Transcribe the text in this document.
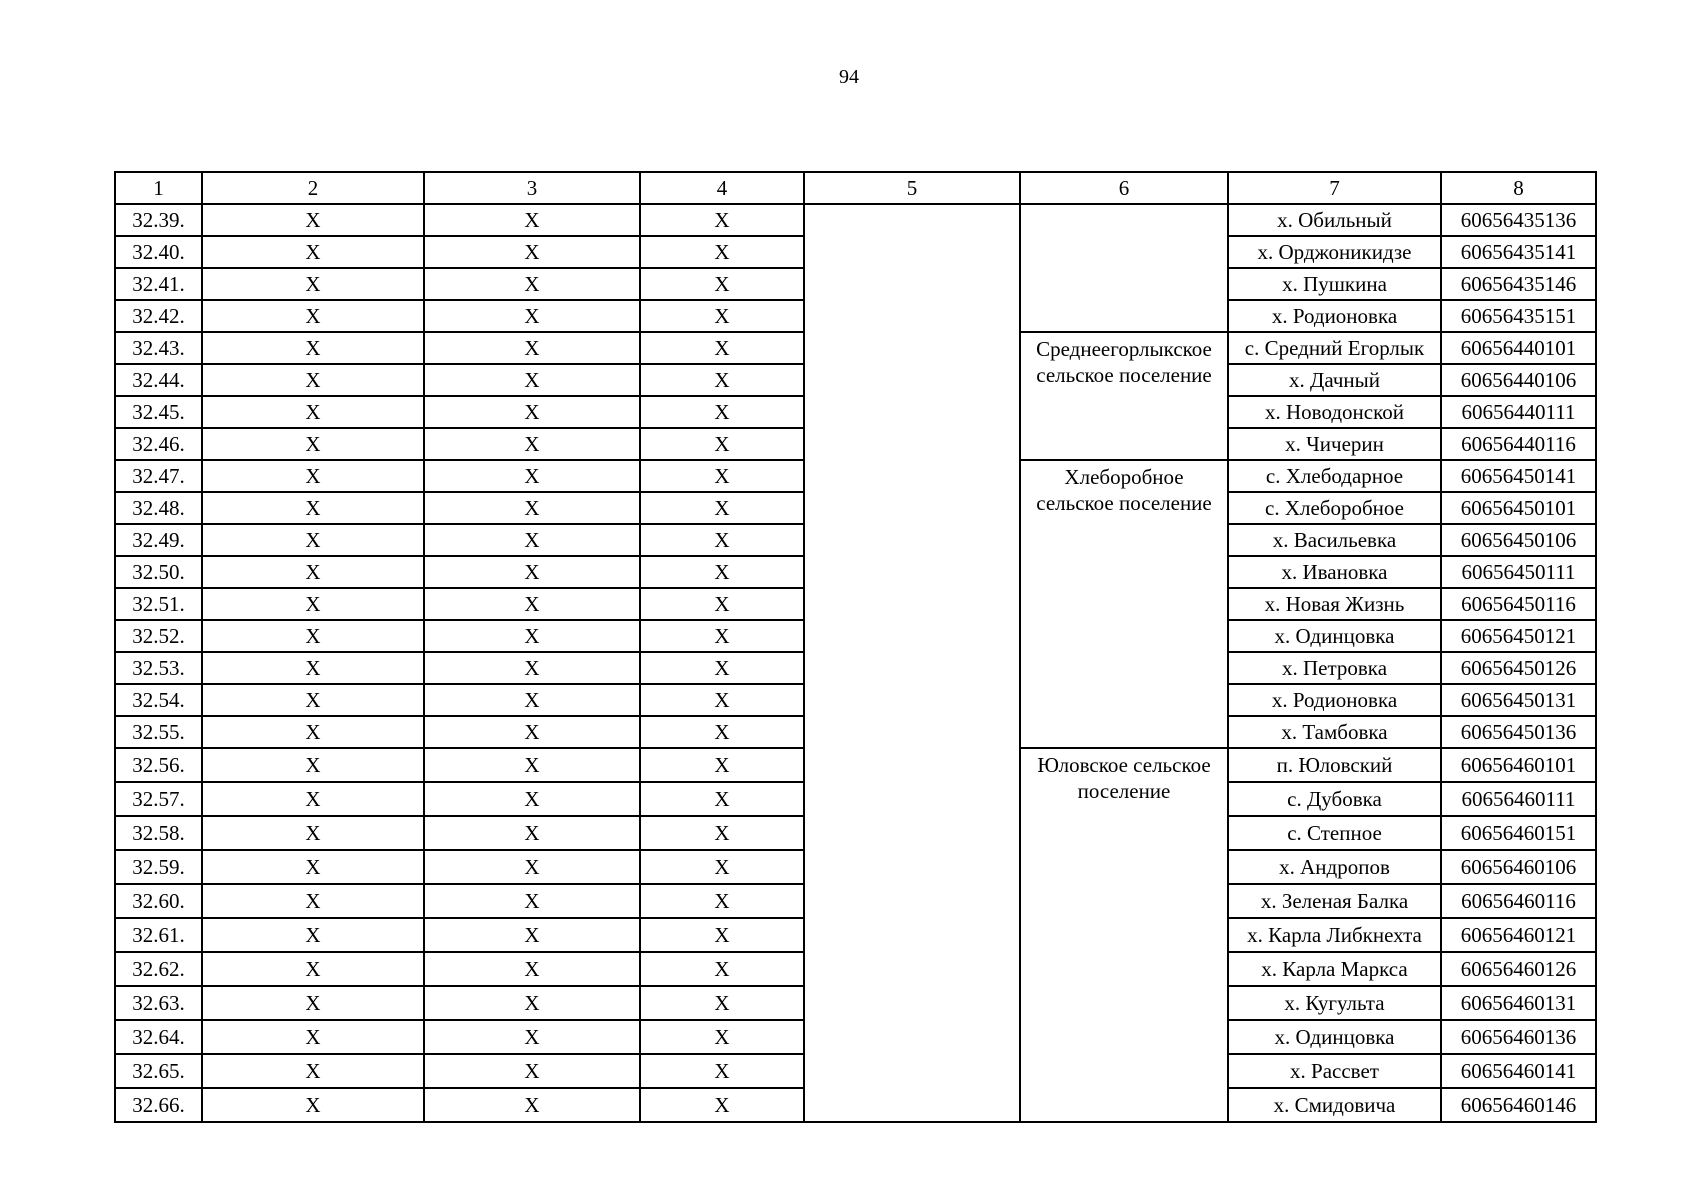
94
1	2	3	4	5	6	7	8
32.39.	Х	Х	Х			х. Обильный	60656435136
32.40.	Х	Х	Х			х. Орджоникидзе	60656435141
32.41.	Х	Х	Х			х. Пушкина	60656435146
32.42.	Х	Х	Х			х. Родионовка	60656435151
32.43.	Х	Х	Х		Среднеегорлыкское сельское поселение	с. Средний Егорлык	60656440101
32.44.	Х	Х	Х			х. Дачный	60656440106
32.45.	Х	Х	Х			х. Новодонской	60656440111
32.46.	Х	Х	Х			х. Чичерин	60656440116
32.47.	Х	Х	Х		Хлеборобное сельское поселение	с. Хлебодарное	60656450141
32.48.	Х	Х	Х			с. Хлеборобное	60656450101
32.49.	Х	Х	Х			х. Васильевка	60656450106
32.50.	Х	Х	Х			х. Ивановка	60656450111
32.51.	Х	Х	Х			х. Новая Жизнь	60656450116
32.52.	Х	Х	Х			х. Одинцовка	60656450121
32.53.	Х	Х	Х			х. Петровка	60656450126
32.54.	Х	Х	Х			х. Родионовка	60656450131
32.55.	Х	Х	Х			х. Тамбовка	60656450136
32.56.	Х	Х	Х		Юловское сельское поселение	п. Юловский	60656460101
32.57.	Х	Х	Х			с. Дубовка	60656460111
32.58.	Х	Х	Х			с. Степное	60656460151
32.59.	Х	Х	Х			х. Андропов	60656460106
32.60.	Х	Х	Х			х. Зеленая Балка	60656460116
32.61.	Х	Х	Х			х. Карла Либкнехта	60656460121
32.62.	Х	Х	Х			х. Карла Маркса	60656460126
32.63.	Х	Х	Х			х. Кугульта	60656460131
32.64.	Х	Х	Х			х. Одинцовка	60656460136
32.65.	Х	Х	Х			х. Рассвет	60656460141
32.66.	Х	Х	Х			х. Смидовича	60656460146
